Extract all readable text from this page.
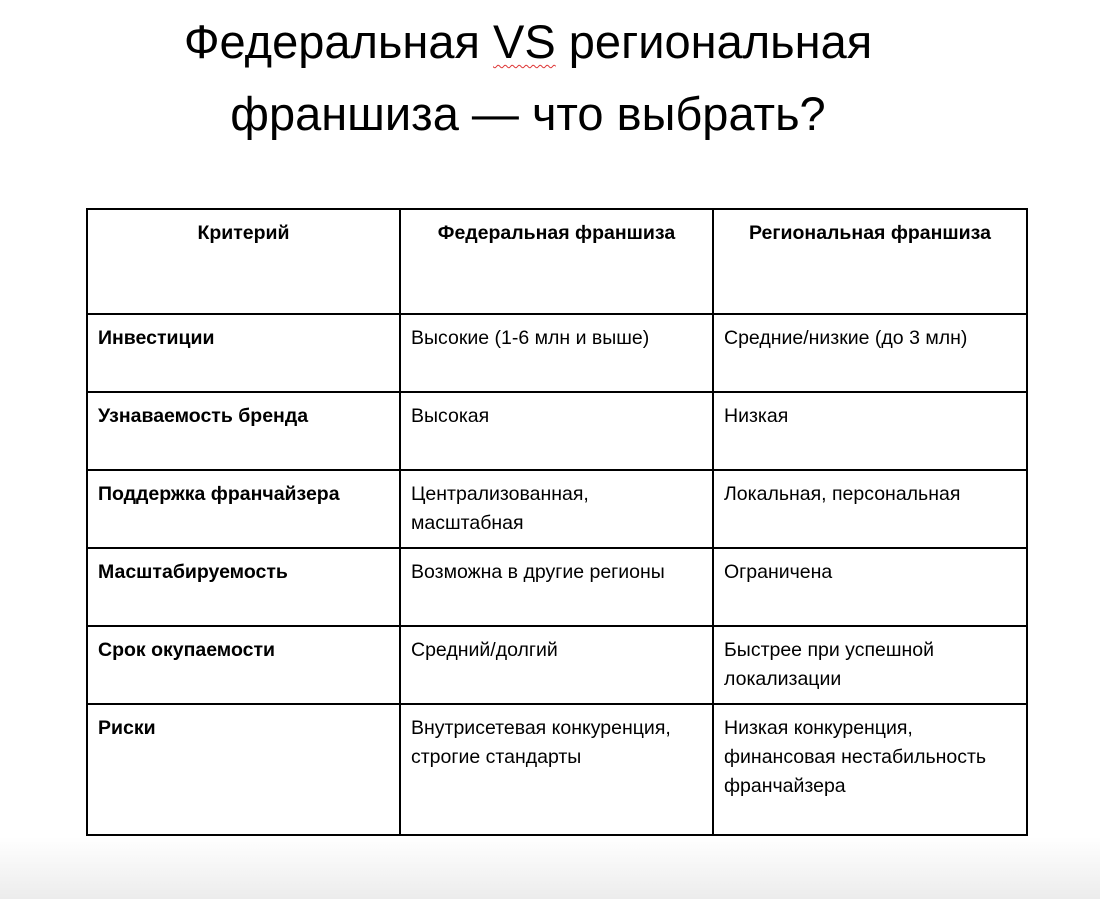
Федеральная VS региональная
франшиза — что выбрать?
Критерий	Федеральная франшиза	Региональная франшиза
Инвестиции	Высокие (1-6 млн и выше)	Средние/низкие (до 3 млн)
Узнаваемость бренда	Высокая	Низкая
Поддержка франчайзера	Централизованная, масштабная	Локальная, персональная
Масштабируемость	Возможна в другие регионы	Ограничена
Срок окупаемости	Средний/долгий	Быстрее при успешной локализации
Риски	Внутрисетевая конкуренция, строгие стандарты	Низкая конкуренция, финансовая нестабильность франчайзера
